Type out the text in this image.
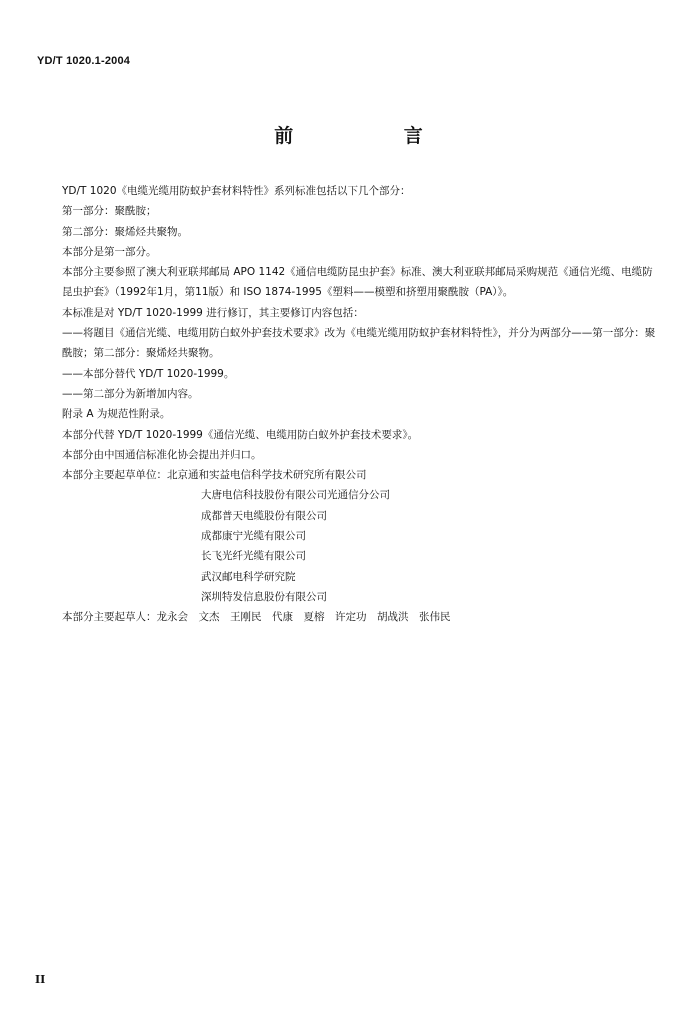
YD/T 1020.1-2004
前 言

YD/T 1020《电缆光缆用防蚁护套材料特性》系列标准包括以下几个部分：

第一部分：聚酰胺；

第二部分：聚烯烃共聚物。

本部分是第一部分。

本部分主要参照了澳大利亚联邦邮局 APO 1142《通信电缆防昆虫护套》标准、澳大利亚联邦邮局采购规范《通信光缆、电缆防昆虫护套》（1992年1月，第11版）和 ISO 1874-1995《塑料——模塑和挤塑用聚酰胺（PA）》。

本标准是对 YD/T 1020-1999 进行修订，其主要修订内容包括：

——将题目《通信光缆、电缆用防白蚁外护套技术要求》改为《电缆光缆用防蚁护套材料特性》，并分为两部分——第一部分：聚酰胺；第二部分：聚烯烃共聚物。

——本部分替代 YD/T 1020-1999。

——第二部分为新增加内容。

附录 A 为规范性附录。

本部分代替 YD/T 1020-1999《通信光缆、电缆用防白蚁外护套技术要求》。

本部分由中国通信标准化协会提出并归口。

本部分主要起草单位：北京通和实益电信科学技术研究所有限公司

大唐电信科技股份有限公司光通信分公司

成都普天电缆股份有限公司

成都康宁光缆有限公司

长飞光纤光缆有限公司

武汉邮电科学研究院

深圳特发信息股份有限公司

本部分主要起草人：龙永会　 文杰　 王刚民　 代康　 夏榕　 许定功　 胡战洪　 张伟民

II
